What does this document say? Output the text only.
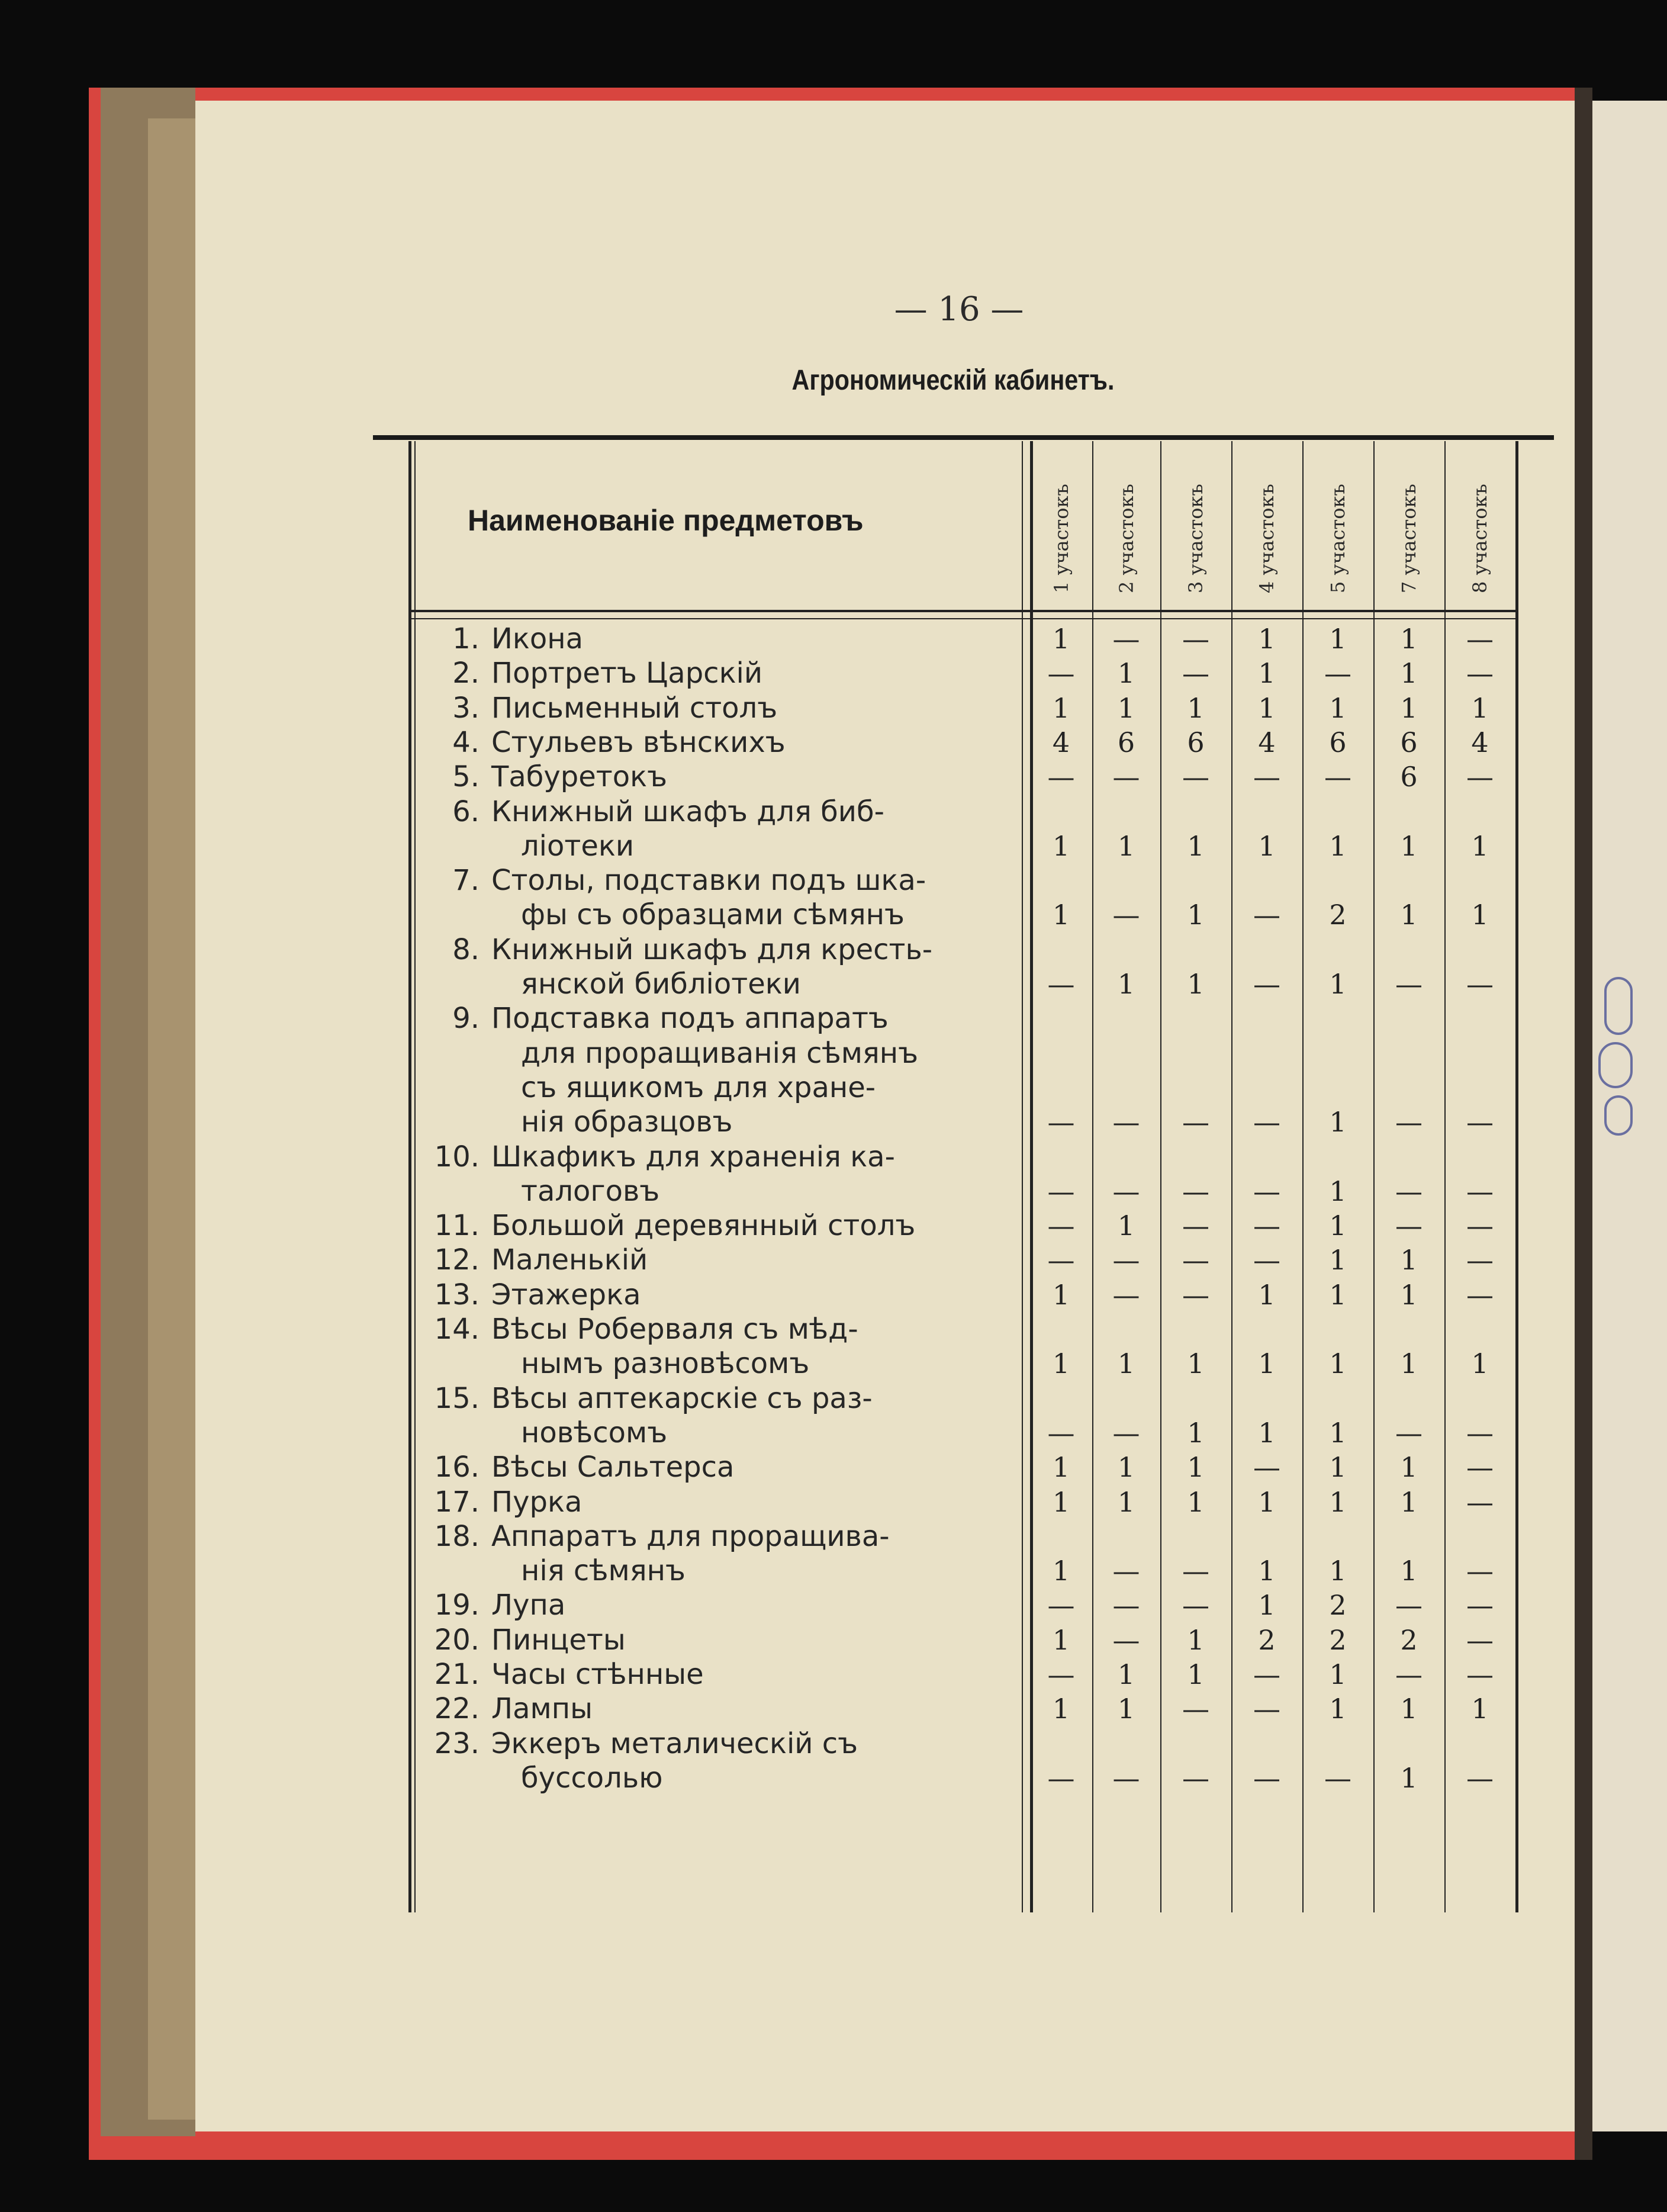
— 16 —
Агрономическій кабинетъ.
Наименованіе предметовъ	1 участокъ 2 участокъ 3 участокъ	4 участокъ	5 участокъ	7 участокъ	8 участокъ
1. Икона	1	—	—	1	1	1	—
2. Портретъ Царскій	—	1	—	1	—	1	—
3. Письменный столъ	1	1	1	1	1	1	1
4. Стульевъ вѣнскихъ	4	6	6	4	6	6	4
5. Табуретокъ	—	—	—	—	—	6	—
6. Книжный шкафъ для биб-
ліотеки	1	1	1	1	1	1	1
7. Столы, подставки подъ шка-
фы съ образцами сѣмянъ	1	—	1	—	2	1	1
8. Книжный шкафъ для кресть-
янской библіотеки	—	1	1	—	1	—	—
9. Подставка подъ аппаратъ
для проращиванія сѣмянъ
съ ящикомъ для хране-
нія образцовъ	—	—	—	—	1	—	—
10. Шкафикъ для храненія ка-
талоговъ	—	—	—	—	1	—	—
11. Большой деревянный столъ	—	1	—	—	1	—	—
12. Маленькій	—	—	—	—	1	1	—
13. Этажерка	1	—	—	1	1	1	—
14. Вѣсы Роберваля съ мѣд-
нымъ разновѣсомъ	1	1	1	1	1	1	1
15. Вѣсы аптекарскіе съ раз-
новѣсомъ	—	—	1	1	1	—	—
16. Вѣсы Сальтерса	1	1	1	—	1	1	—
17. Пурка	1	1	1	1	1	1	—
18. Аппаратъ для проращива-
нія сѣмянъ	1	—	—	1	1	1	—
19. Лупа	—	—	—	1	2	—	—
20. Пинцеты	1	—	1	2	2	2	—
21. Часы стѣнные	—	1	1	—	1	—	—
22. Лампы	1	1	—	—	1	1	1
23. Эккеръ металическій съ
буссолью	—	—	—	—	—	1	—
